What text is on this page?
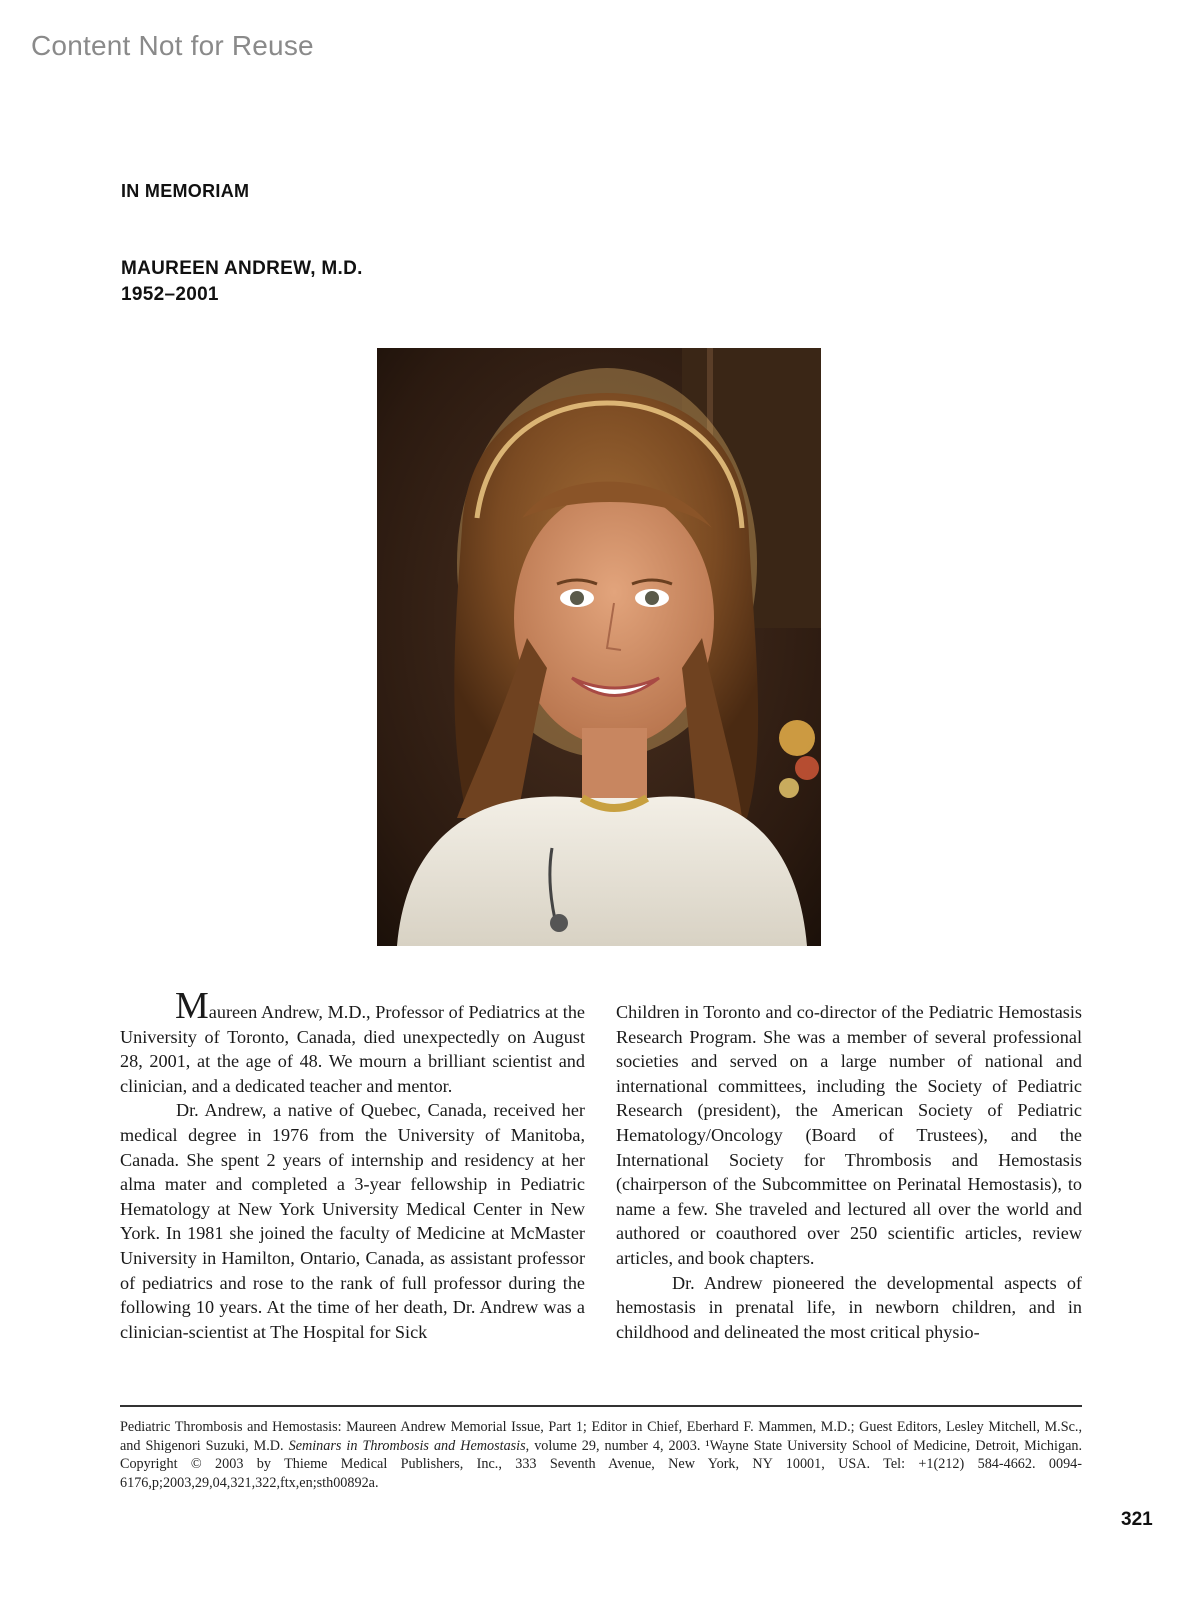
Content Not for Reuse
IN MEMORIAM
MAUREEN ANDREW, M.D.
1952–2001

Maureen Andrew, M.D., Professor of Pediatrics at the University of Toronto, Canada, died unexpectedly on August 28, 2001, at the age of 48. We mourn a brilliant scientist and clinician, and a dedicated teacher and mentor.

Dr. Andrew, a native of Quebec, Canada, received her medical degree in 1976 from the University of Manitoba, Canada. She spent 2 years of internship and residency at her alma mater and completed a 3-year fellowship in Pediatric Hematology at New York University Medical Center in New York. In 1981 she joined the faculty of Medicine at McMaster University in Hamilton, Ontario, Canada, as assistant professor of pediatrics and rose to the rank of full professor during the following 10 years. At the time of her death, Dr. Andrew was a clinician-scientist at The Hospital for Sick

Children in Toronto and co-director of the Pediatric Hemostasis Research Program. She was a member of several professional societies and served on a large number of national and international committees, including the Society of Pediatric Research (president), the American Society of Pediatric Hematology/Oncology (Board of Trustees), and the International Society for Thrombosis and Hemostasis (chairperson of the Subcommittee on Perinatal Hemostasis), to name a few. She traveled and lectured all over the world and authored or coauthored over 250 scientific articles, review articles, and book chapters.

Dr. Andrew pioneered the developmental aspects of hemostasis in prenatal life, in newborn children, and in childhood and delineated the most critical physio-

Pediatric Thrombosis and Hemostasis: Maureen Andrew Memorial Issue, Part 1; Editor in Chief, Eberhard F. Mammen, M.D.; Guest Editors, Lesley Mitchell, M.Sc., and Shigenori Suzuki, M.D. Seminars in Thrombosis and Hemostasis, volume 29, number 4, 2003. ¹Wayne State University School of Medicine, Detroit, Michigan. Copyright © 2003 by Thieme Medical Publishers, Inc., 333 Seventh Avenue, New York, NY 10001, USA. Tel: +1(212) 584-4662. 0094-6176,p;2003,29,04,321,322,ftx,en;sth00892a.
321
